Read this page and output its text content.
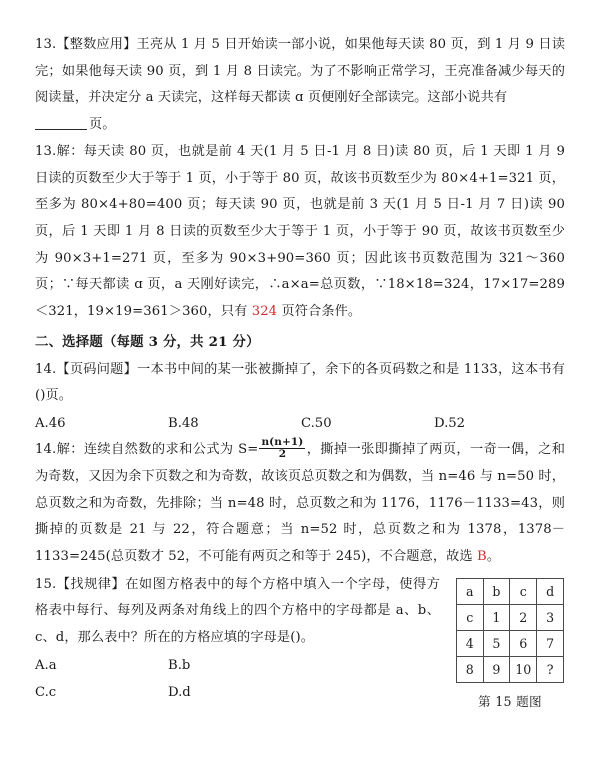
13.【整数应用】王亮从 1 月 5 日开始读一部小说，如果他每天读 80 页，到 1 月 9 日读完；如果他每天读 90 页，到 1 月 8 日读完。为了不影响正常学习，王亮准备减少每天的阅读量，并决定分 a 天读完，这样每天都读 ɑ 页便刚好全部读完。这部小说共有

页。

13.解：每天读 80 页，也就是前 4 天(1 月 5 日-1 月 8 日)读 80 页，后 1 天即 1 月 9 日读的页数至少大于等于 1 页，小于等于 80 页，故该书页数至少为 80×4+1=321 页，至多为 80×4+80=400 页；每天读 90 页，也就是前 3 天(1 月 5 日-1 月 7 日)读 90 页，后 1 天即 1 月 8 日读的页数至少大于等于 1 页，小于等于 90 页，故该书页数至少为 90×3+1=271 页，至多为 90×3+90=360 页；因此该书页数范围为 321～360 页；∵每天都读 ɑ 页，a 天刚好读完，∴a×a=总页数，∵18×18=324，17×17=289＜321，19×19=361＞360，只有 324 页符合条件。

二、选择题（每题 3 分，共 21 分）

14.【页码问题】一本书中间的某一张被撕掉了，余下的各页码数之和是 1133，这本书有()页。

A.46	B.48	C.50	D.52

14.解：连续自然数的求和公式为 $S= \frac{n(n+1)}{2}$ ，撕掉一张即撕掉了两页，一奇一偶，之和为奇数，又因为余下页数之和为奇数，故该页总页数之和为偶数，当 n=46 与 n=50 时，总页数之和为奇数，先排除；当 n=48 时，总页数之和为 1176，1176－1133=43，则撕掉的页数是 21 与 22，符合题意；当 n=52 时，总页数之和为 1378，1378－1133=245(总页数才 52，不可能有两页之和等于 245)，不合题意，故选 B。

15.【找规律】在如图方格表中的每个方格中填入一个字母，使得方格表中每行、每列及两条对角线上的四个方格中的字母都是 a、b、c、d，那么表中？所在的方格应填的字母是()。

A.a	B.b
C.c	D.d
a	b	c	d
c	1	2	3
4	5	6	7
8	9	10	?
第 15 题图
